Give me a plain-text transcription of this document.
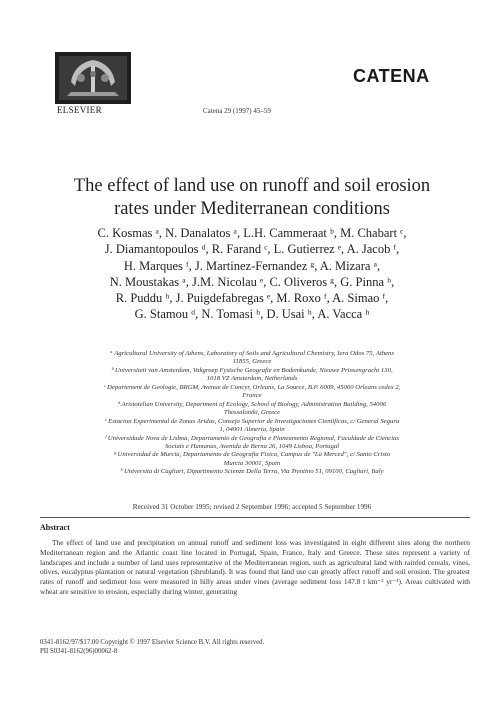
ELSEVIER
CATENA
Catena 29 (1997) 45–59
The effect of land use on runoff and soil erosion
rates under Mediterranean conditions
C. Kosmas ᵃ, N. Danalatos ᵃ, L.H. Cammeraat ᵇ, M. Chabart ᶜ,
J. Diamantopoulos ᵈ, R. Farand ᶜ, L. Gutierrez ᵉ, A. Jacob ᶠ,
H. Marques ᶠ, J. Martinez-Fernandez ᵍ, A. Mizara ᵃ,
N. Moustakas ᵃ, J.M. Nicolau ᵉ, C. Oliveros ᵍ, G. Pinna ʰ,
R. Puddu ʰ, J. Puigdefabregas ᵉ, M. Roxo ᶠ, A. Simao ᶠ,
G. Stamou ᵈ, N. Tomasi ʰ, D. Usai ʰ, A. Vacca ʰ

ᵃ Agricultural University of Athens, Laboratory of Soils and Agricultural Chemistry, Iera Odos 75, Athens

11855, Greece

ᵇ Universiteit van Amsterdam, Vakgroep Fysische Geografie en Bodemkunde, Nieuwe Prinsengracht 130,

1018 VZ Amsterdam, Netherlands

ᶜ Departement de Geologie, BRGM, Avenue de Concyr, Orleans, La Source, B.P. 6009, 45060 Orleans cedex 2,

France

ᵈ Aristotelian University, Department of Ecology, School of Biology, Administration Building, 54006

Thessaloniki, Greece

ᵉ Estacion Experimental de Zonas Aridas, Consejo Superior de Investigaciones Cientificas, c/ General Segura

1, 04001 Almeria, Spain

ᶠ Universidade Nova de Lisboa, Departamento de Geografia e Planeamento Regional, Faculdade de Ciencias

Sociais e Humanas, Avenida de Berna 26, 1049 Lisboa, Portugal

ᵍ Universidad de Murcia, Departamento de Geografia Fisica, Campus de "La Merced", c/ Santo Cristo

Murcia 30001, Spain

ʰ Universita di Cagliari, Dipartimento Scienze Della Terra, Via Trentino 51, 09100, Cagliari, Italy

Received 31 October 1995; revised 2 September 1996; accepted 5 September 1996
Abstract
The effect of land use and precipitation on annual runoff and sediment loss was investigated in eight different sites along the northern Mediterranean region and the Atlantic coast line located in Portugal, Spain, France, Italy and Greece. These sites represent a variety of landscapes and include a number of land uses representative of the Mediterranean region, such as agricultural land with rainfed cereals, vines, olives, eucalyptus plantation or natural vegetation (shrubland). It was found that land use can greatly affect runoff and soil erosion. The greatest rates of runoff and sediment loss were measured in hilly areas under vines (average sediment loss 147.8 t km⁻² yr⁻¹). Areas cultivated with wheat are sensitive to erosion, especially during winter, generating
0341-8162/97/$17.00 Copyright © 1997 Elsevier Science B.V. All rights reserved.
PII S0341-8162(96)00062-8
